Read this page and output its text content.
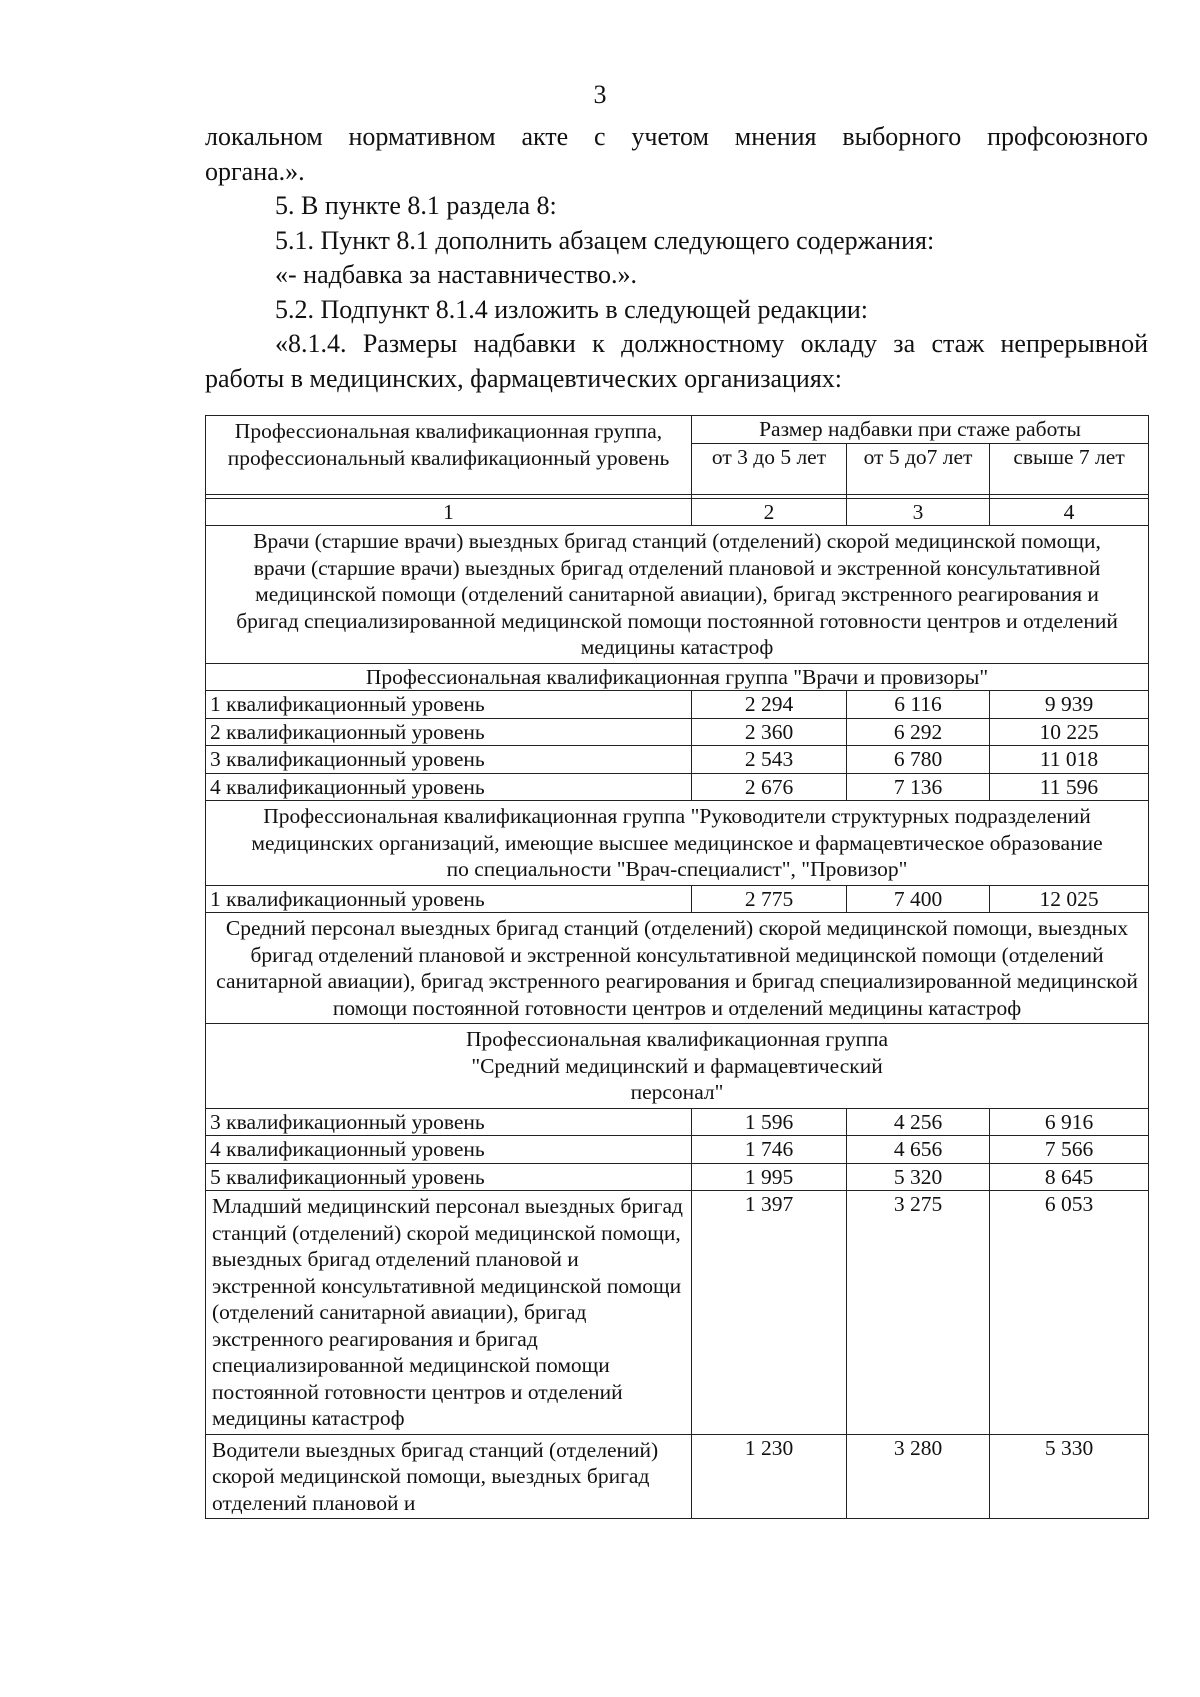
3

локальном нормативном акте с учетом мнения выборного профсоюзного

органа.».

5. В пункте 8.1 раздела 8:

5.1. Пункт 8.1 дополнить абзацем следующего содержания:

«- надбавка за наставничество.».

5.2. Подпункт 8.1.4 изложить в следующей редакции:

«8.1.4. Размеры надбавки к должностному окладу за стаж непрерывной

работы в медицинских, фармацевтических организациях:

Профессиональная квалификационная группа, профессиональный квалификационный уровень	Размер надбавки при стаже работы		
	от 3 до 5 лет	от 5 до7 лет	свыше 7 лет

1	2	3	4
Врачи (старшие врачи) выездных бригад станций (отделений) скорой медицинской помощи, врачи (старшие врачи) выездных бригад отделений плановой и экстренной консультативной медицинской помощи (отделений санитарной авиации), бригад экстренного реагирования и бригад специализированной медицинской помощи постоянной готовности центров и отделений медицины катастроф			
Профессиональная квалификационная группа "Врачи и провизоры"			
1 квалификационный уровень	2 294	6 116	9 939
2 квалификационный уровень	2 360	6 292	10 225
3 квалификационный уровень	2 543	6 780	11 018
4 квалификационный уровень	2 676	7 136	11 596
Профессиональная квалификационная группа "Руководители структурных подразделений медицинских организаций, имеющие высшее медицинское и фармацевтическое образование по специальности "Врач-специалист", "Провизор"			
1 квалификационный уровень	2 775	7 400	12 025
Средний персонал выездных бригад станций (отделений) скорой медицинской помощи, выездных бригад отделений плановой и экстренной консультативной медицинской помощи (отделений санитарной авиации), бригад экстренного реагирования и бригад специализированной медицинской помощи постоянной готовности центров и отделений медицины катастроф			
Профессиональная квалификационная группа "Средний медицинский и фармацевтический персонал"			
3 квалификационный уровень	1 596	4 256	6 916
4 квалификационный уровень	1 746	4 656	7 566
5 квалификационный уровень	1 995	5 320	8 645
Младший медицинский персонал выездных бригад станций (отделений) скорой медицинской помощи, выездных бригад отделений плановой и экстренной консультативной медицинской помощи (отделений санитарной авиации), бригад экстренного реагирования и бригад специализированной медицинской помощи постоянной готовности центров и отделений медицины катастроф	1 397	3 275	6 053
Водители выездных бригад станций (отделений) скорой медицинской помощи, выездных бригад отделений плановой и	1 230	3 280	5 330
